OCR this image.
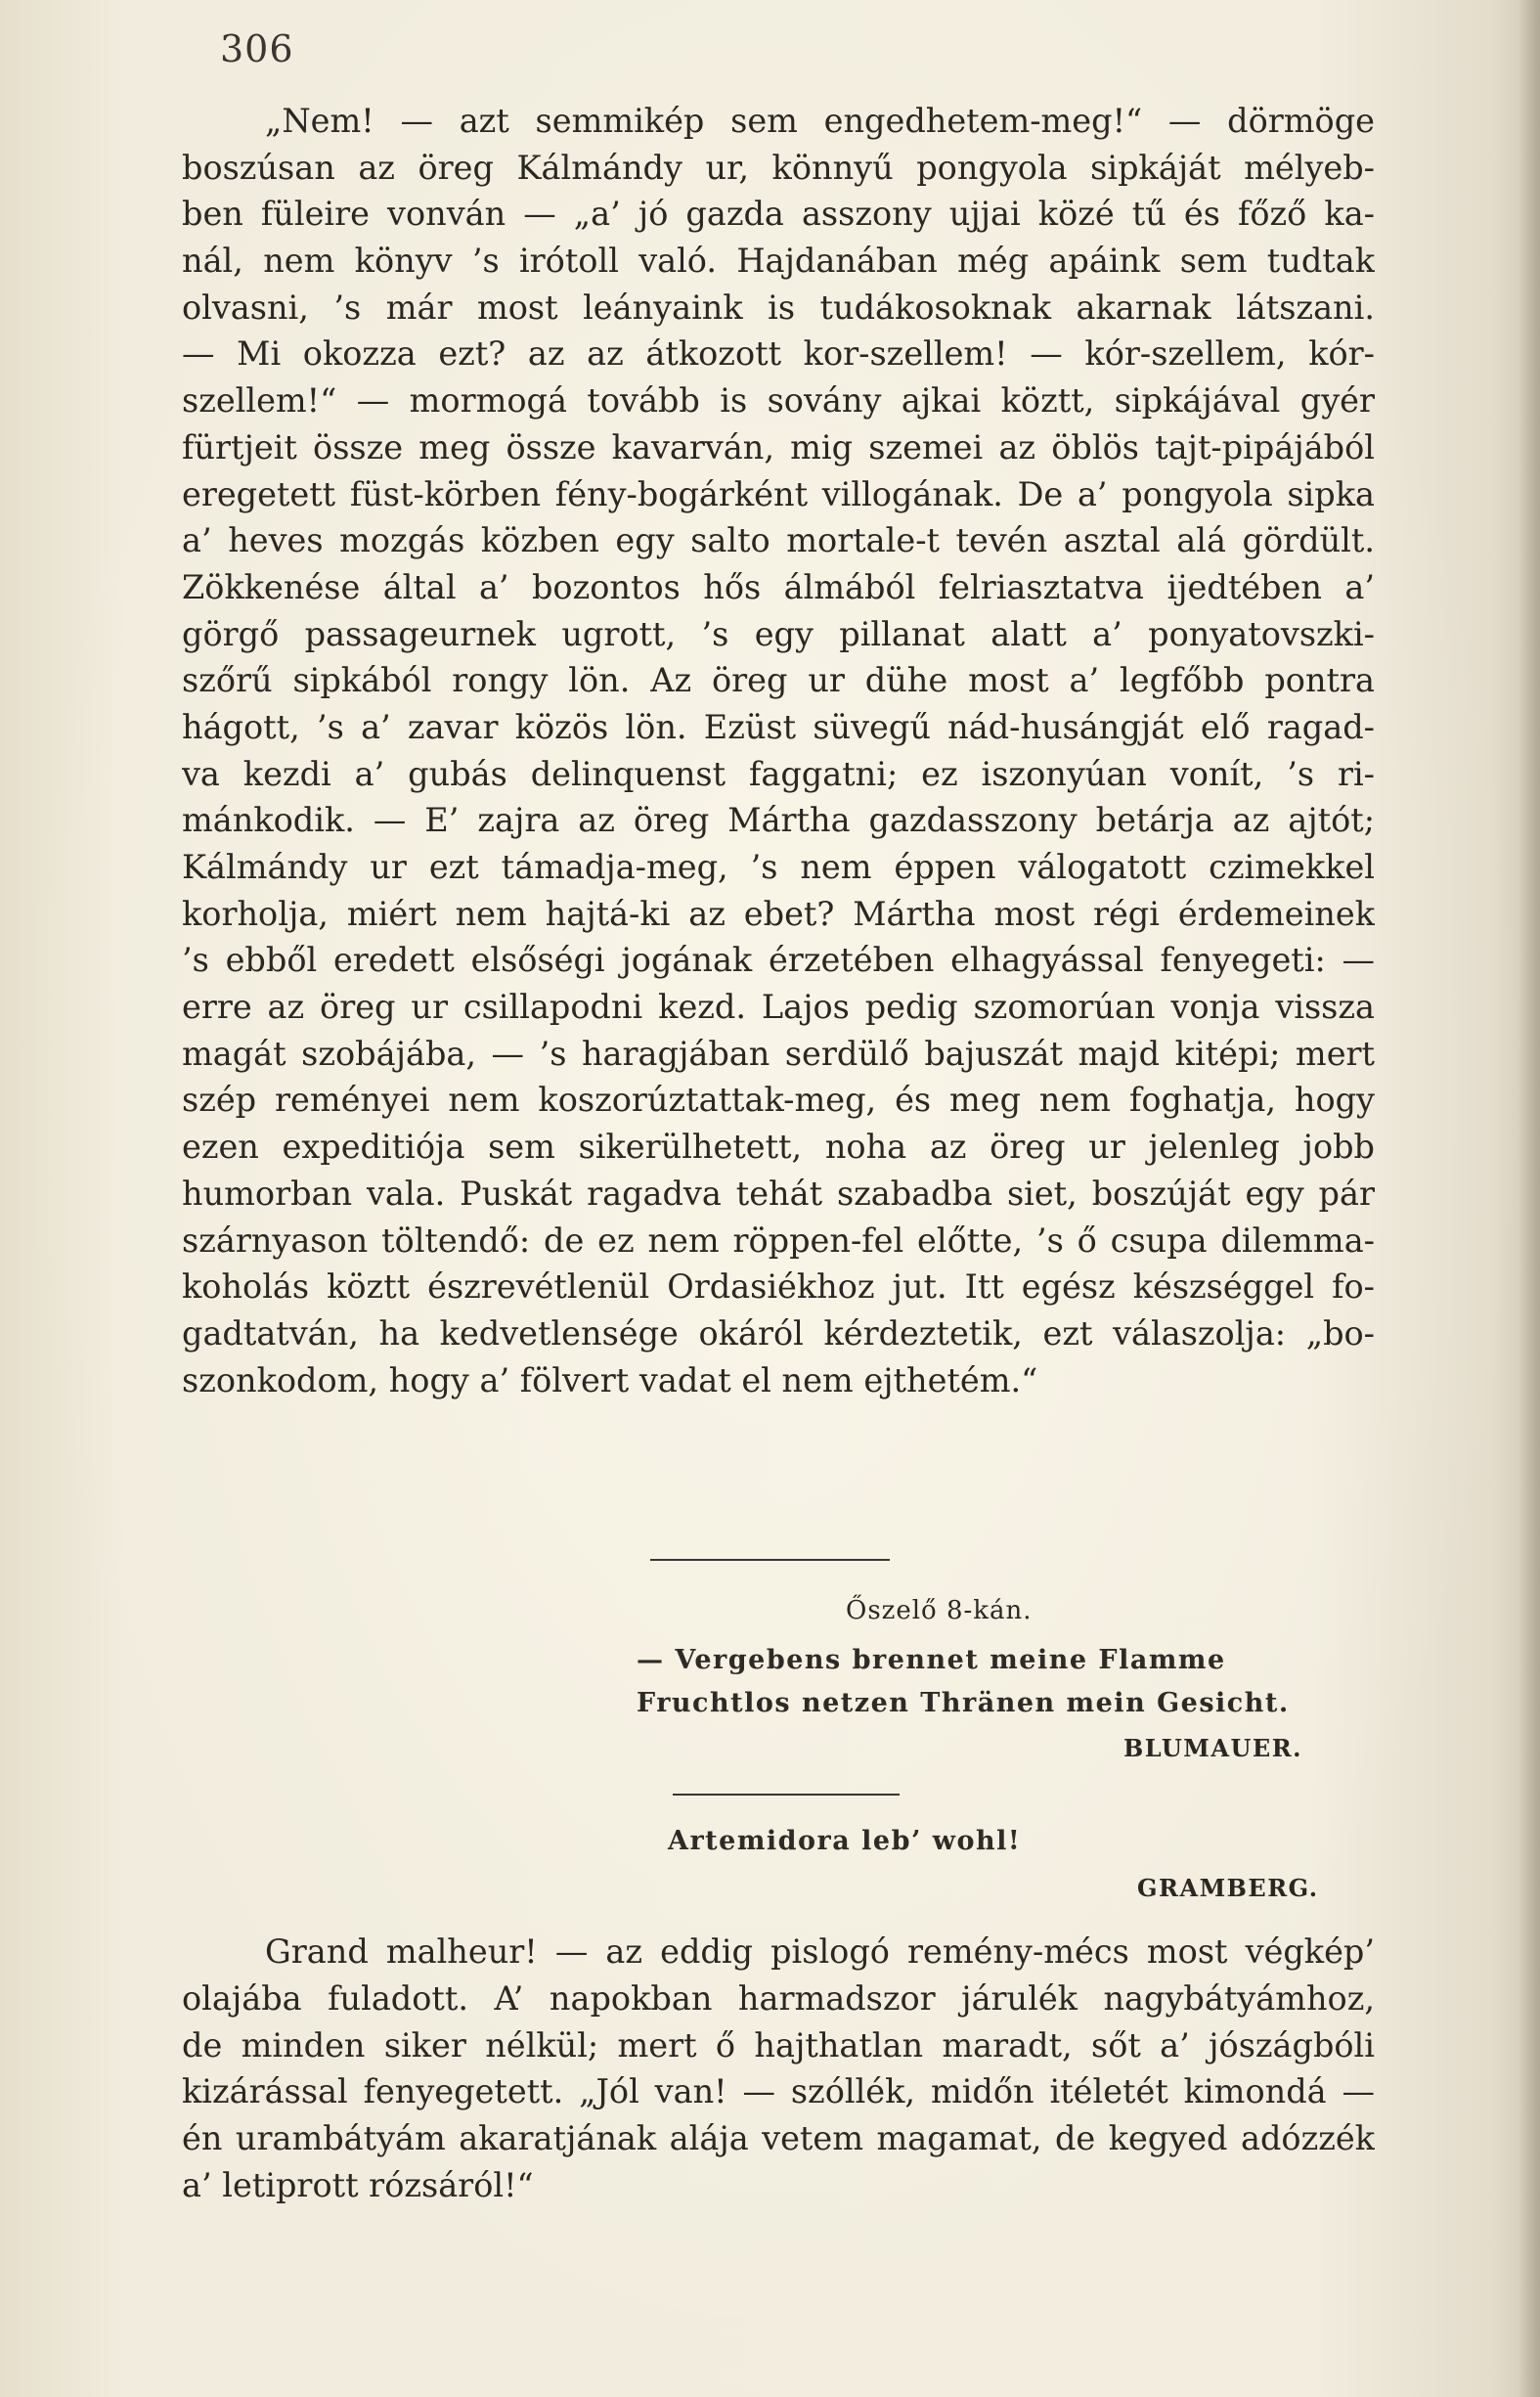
306
„Nem! — azt semmikép sem engedhetem-meg!“ — dörmöge
boszúsan az öreg Kálmándy ur, könnyű pongyola sipkáját mélyeb-
ben füleire vonván — „a’ jó gazda asszony ujjai közé tű és főző ka-
nál, nem könyv ’s irótoll való. Hajdanában még apáink sem tudtak
olvasni, ’s már most leányaink is tudákosoknak akarnak látszani.
— Mi okozza ezt? az az átkozott kor-szellem! — kór-szellem, kór-
szellem!“ — mormogá tovább is sovány ajkai köztt, sipkájával gyér
fürtjeit össze meg össze kavarván, mig szemei az öblös tajt-pipájából
eregetett füst-körben fény-bogárként villogának. De a’ pongyola sipka
a’ heves mozgás közben egy salto mortale-t tevén asztal alá gördült.
Zökkenése által a’ bozontos hős álmából felriasztatva ijedtében a’
görgő passageurnek ugrott, ’s egy pillanat alatt a’ ponyatovszki-
szőrű sipkából rongy lön. Az öreg ur dühe most a’ legfőbb pontra
hágott, ’s a’ zavar közös lön. Ezüst süvegű nád-husángját elő ragad-
va kezdi a’ gubás delinquenst faggatni; ez iszonyúan vonít, ’s ri-
mánkodik. — E’ zajra az öreg Mártha gazdasszony betárja az ajtót;
Kálmándy ur ezt támadja-meg, ’s nem éppen válogatott czimekkel
korholja, miért nem hajtá-ki az ebet? Mártha most régi érdemeinek
’s ebből eredett elsőségi jogának érzetében elhagyással fenyegeti: —
erre az öreg ur csillapodni kezd. Lajos pedig szomorúan vonja vissza
magát szobájába, — ’s haragjában serdülő bajuszát majd kitépi; mert
szép reményei nem koszorúztattak-meg, és meg nem foghatja, hogy
ezen expeditiója sem sikerülhetett, noha az öreg ur jelenleg jobb
humorban vala. Puskát ragadva tehát szabadba siet, boszúját egy pár
szárnyason töltendő: de ez nem röppen-fel előtte, ’s ő csupa dilemma-
koholás köztt észrevétlenül Ordasiékhoz jut. Itt egész készséggel fo-
gadtatván, ha kedvetlensége okáról kérdeztetik, ezt válaszolja: „bo-
szonkodom, hogy a’ fölvert vadat el nem ejthetém.“
Őszelő 8-kán.
— Vergebens brennet meine Flamme
Fruchtlos netzen Thränen mein Gesicht.
BLUMAUER.
Artemidora leb’ wohl!
GRAMBERG.
Grand malheur! — az eddig pislogó remény-mécs most végkép’
olajába fuladott. A’ napokban harmadszor járulék nagybátyámhoz,
de minden siker nélkül; mert ő hajthatlan maradt, sőt a’ jószágbóli
kizárással fenyegetett. „Jól van! — szóllék, midőn itéletét kimondá —
én urambátyám akaratjának alája vetem magamat, de kegyed adózzék
a’ letiprott rózsáról!“
